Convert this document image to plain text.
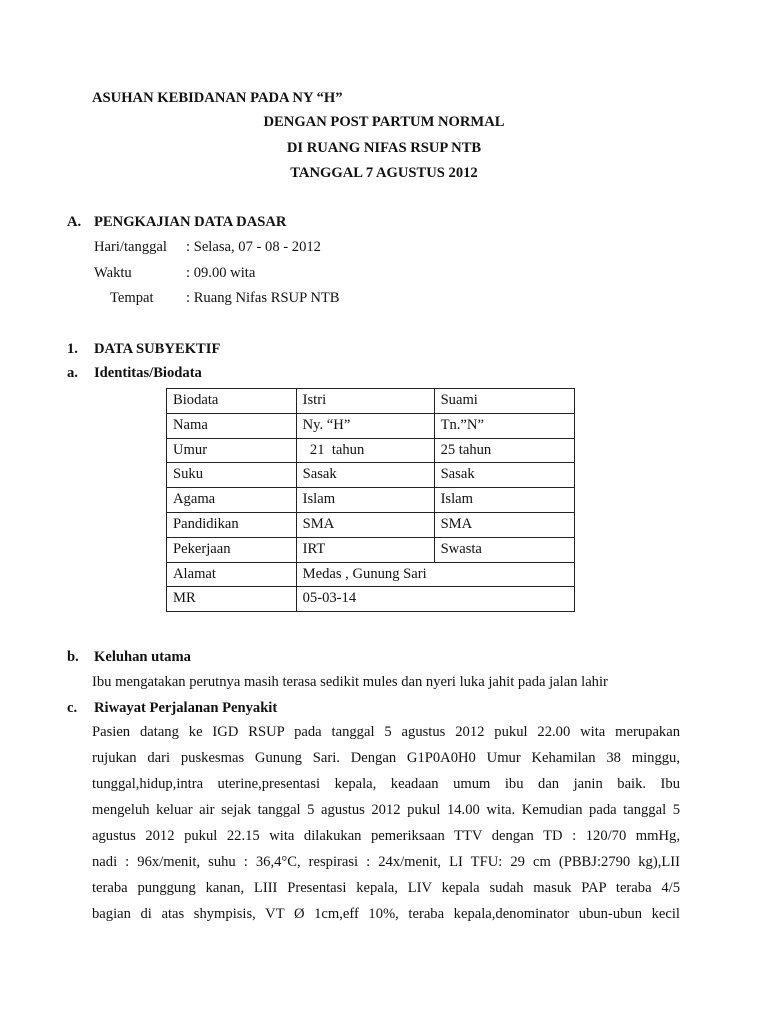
ASUHAN KEBIDANAN PADA NY “H”
DENGAN POST PARTUM NORMAL
DI RUANG NIFAS RSUP NTB
TANGGAL 7 AGUSTUS 2012
A. PENGKAJIAN DATA DASAR
Hari/tanggal : Selasa, 07 - 08 - 2012
Waktu	: 09.00 wita
Tempat : Ruang Nifas RSUP NTB
1. DATA SUBYEKTIF
a. Identitas/Biodata
Biodata	Istri	Suami
Nama	Ny. “H”	Tn.”N”
Umur	21  tahun	25 tahun
Suku	Sasak	Sasak
Agama	Islam	Islam
Pandidikan	SMA	SMA
Pekerjaan	IRT	Swasta
Alamat	Medas , Gunung Sari	
MR	05-03-14	
b. Keluhan utama
Ibu mengatakan perutnya masih terasa sedikit mules dan nyeri luka jahit pada jalan lahir
c. Riwayat Perjalanan Penyakit
Pasien datang ke IGD RSUP pada tanggal 5 agustus 2012 pukul 22.00 wita merupakan
rujukan dari puskesmas Gunung Sari. Dengan G1P0A0H0 Umur Kehamilan 38 minggu,
tunggal,hidup,intra uterine,presentasi kepala, keadaan umum ibu dan janin baik. Ibu
mengeluh keluar air sejak tanggal 5 agustus 2012 pukul 14.00 wita. Kemudian pada tanggal 5
agustus 2012 pukul 22.15 wita dilakukan pemeriksaan TTV dengan TD : 120/70 mmHg,
nadi : 96x/menit, suhu : 36,4°C, respirasi : 24x/menit, LI TFU: 29 cm (PBBJ:2790 kg),LII
teraba punggung kanan, LIII Presentasi kepala, LIV kepala sudah masuk PAP teraba 4/5
bagian di atas shympisis, VT Ø 1cm,eff 10%, teraba kepala,denominator ubun-ubun kecil
